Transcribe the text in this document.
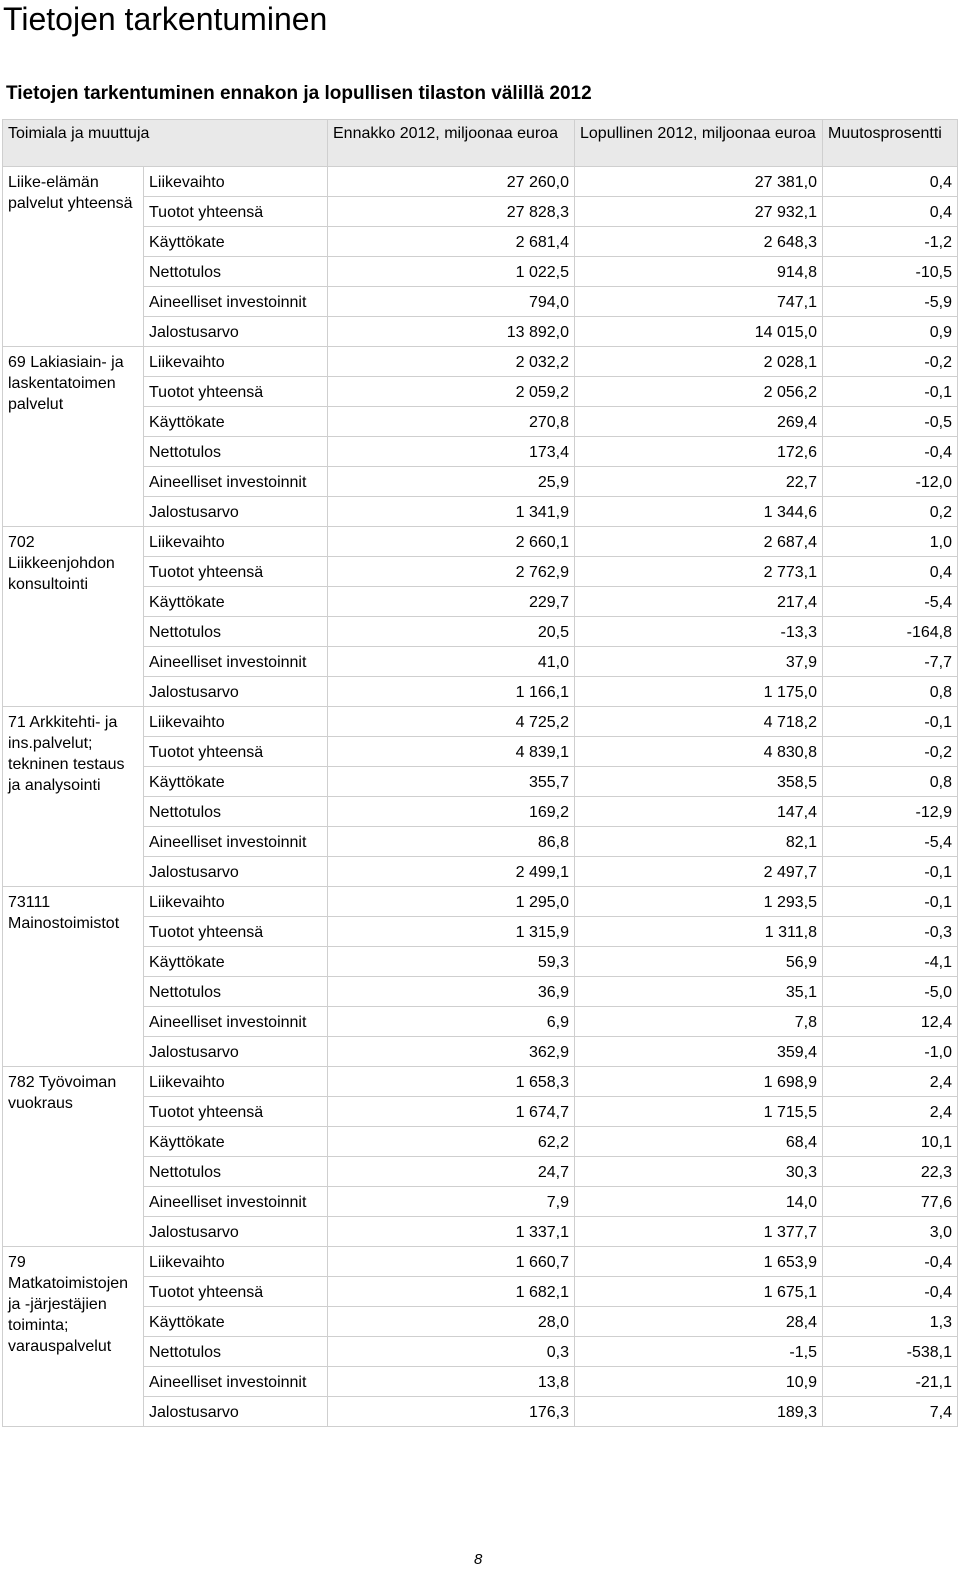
Tietojen tarkentuminen
Tietojen tarkentuminen ennakon ja lopullisen tilaston välillä 2012
Toimiala ja muuttuja		Ennakko 2012, miljoonaa euroa	Lopullinen 2012, miljoonaa euroa	Muutosprosentti
Liike-elämän palvelut yhteensä	Liikevaihto	27 260,0	27 381,0	0,4
	Tuotot yhteensä	27 828,3	27 932,1	0,4
	Käyttökate	2 681,4	2 648,3	-1,2
	Nettotulos	1 022,5	914,8	-10,5
	Aineelliset investoinnit	794,0	747,1	-5,9
	Jalostusarvo	13 892,0	14 015,0	0,9
69 Lakiasiain- ja laskentatoimen palvelut	Liikevaihto	2 032,2	2 028,1	-0,2
	Tuotot yhteensä	2 059,2	2 056,2	-0,1
	Käyttökate	270,8	269,4	-0,5
	Nettotulos	173,4	172,6	-0,4
	Aineelliset investoinnit	25,9	22,7	-12,0
	Jalostusarvo	1 341,9	1 344,6	0,2
702 Liikkeenjohdon konsultointi	Liikevaihto	2 660,1	2 687,4	1,0
	Tuotot yhteensä	2 762,9	2 773,1	0,4
	Käyttökate	229,7	217,4	-5,4
	Nettotulos	20,5	-13,3	-164,8
	Aineelliset investoinnit	41,0	37,9	-7,7
	Jalostusarvo	1 166,1	1 175,0	0,8
71 Arkkitehti- ja ins.palvelut; tekninen testaus ja analysointi	Liikevaihto	4 725,2	4 718,2	-0,1
	Tuotot yhteensä	4 839,1	4 830,8	-0,2
	Käyttökate	355,7	358,5	0,8
	Nettotulos	169,2	147,4	-12,9
	Aineelliset investoinnit	86,8	82,1	-5,4
	Jalostusarvo	2 499,1	2 497,7	-0,1
73111 Mainostoimistot	Liikevaihto	1 295,0	1 293,5	-0,1
	Tuotot yhteensä	1 315,9	1 311,8	-0,3
	Käyttökate	59,3	56,9	-4,1
	Nettotulos	36,9	35,1	-5,0
	Aineelliset investoinnit	6,9	7,8	12,4
	Jalostusarvo	362,9	359,4	-1,0
782 Työvoiman vuokraus	Liikevaihto	1 658,3	1 698,9	2,4
	Tuotot yhteensä	1 674,7	1 715,5	2,4
	Käyttökate	62,2	68,4	10,1
	Nettotulos	24,7	30,3	22,3
	Aineelliset investoinnit	7,9	14,0	77,6
	Jalostusarvo	1 337,1	1 377,7	3,0
79 Matkatoimistojen ja -järjestäjien toiminta; varauspalvelut	Liikevaihto	1 660,7	1 653,9	-0,4
	Tuotot yhteensä	1 682,1	1 675,1	-0,4
	Käyttökate	28,0	28,4	1,3
	Nettotulos	0,3	-1,5	-538,1
	Aineelliset investoinnit	13,8	10,9	-21,1
	Jalostusarvo	176,3	189,3	7,4
8
